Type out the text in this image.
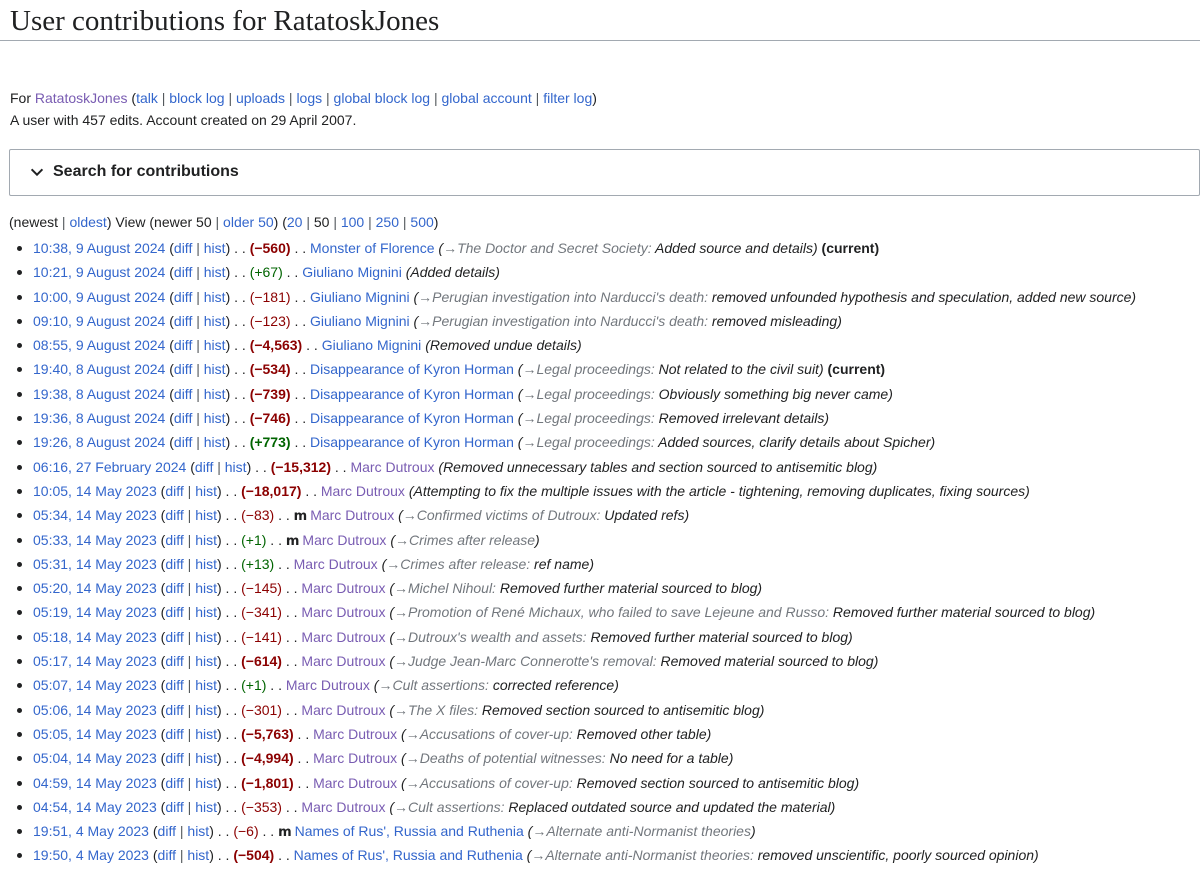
User contributions for RatatoskJones
For RatatoskJones (talk | block log | uploads | logs | global block log | global account | filter log)
A user with 457 edits. Account created on 29 April 2007.
Search for contributions
(newest | oldest) View (newer 50 | older 50) (20 | 50 | 100 | 250 | 500)
10:38, 9 August 2024 (diff | hist) . . (−560) . . Monster of Florence (→The Doctor and Secret Society: Added source and details) (current)
10:21, 9 August 2024 (diff | hist) . . (+67) . . Giuliano Mignini (Added details)
10:00, 9 August 2024 (diff | hist) . . (−181) . . Giuliano Mignini (→Perugian investigation into Narducci's death: removed unfounded hypothesis and speculation, added new source)
09:10, 9 August 2024 (diff | hist) . . (−123) . . Giuliano Mignini (→Perugian investigation into Narducci's death: removed misleading)
08:55, 9 August 2024 (diff | hist) . . (−4,563) . . Giuliano Mignini (Removed undue details)
19:40, 8 August 2024 (diff | hist) . . (−534) . . Disappearance of Kyron Horman (→Legal proceedings: Not related to the civil suit) (current)
19:38, 8 August 2024 (diff | hist) . . (−739) . . Disappearance of Kyron Horman (→Legal proceedings: Obviously something big never came)
19:36, 8 August 2024 (diff | hist) . . (−746) . . Disappearance of Kyron Horman (→Legal proceedings: Removed irrelevant details)
19:26, 8 August 2024 (diff | hist) . . (+773) . . Disappearance of Kyron Horman (→Legal proceedings: Added sources, clarify details about Spicher)
06:16, 27 February 2024 (diff | hist) . . (−15,312) . . Marc Dutroux (Removed unnecessary tables and section sourced to antisemitic blog)
10:05, 14 May 2023 (diff | hist) . . (−18,017) . . Marc Dutroux (Attempting to fix the multiple issues with the article - tightening, removing duplicates, fixing sources)
05:34, 14 May 2023 (diff | hist) . . (−83) . . m Marc Dutroux (→Confirmed victims of Dutroux: Updated refs)
05:33, 14 May 2023 (diff | hist) . . (+1) . . m Marc Dutroux (→Crimes after release)
05:31, 14 May 2023 (diff | hist) . . (+13) . . Marc Dutroux (→Crimes after release: ref name)
05:20, 14 May 2023 (diff | hist) . . (−145) . . Marc Dutroux (→Michel Nihoul: Removed further material sourced to blog)
05:19, 14 May 2023 (diff | hist) . . (−341) . . Marc Dutroux (→Promotion of René Michaux, who failed to save Lejeune and Russo: Removed further material sourced to blog)
05:18, 14 May 2023 (diff | hist) . . (−141) . . Marc Dutroux (→Dutroux's wealth and assets: Removed further material sourced to blog)
05:17, 14 May 2023 (diff | hist) . . (−614) . . Marc Dutroux (→Judge Jean-Marc Connerotte's removal: Removed material sourced to blog)
05:07, 14 May 2023 (diff | hist) . . (+1) . . Marc Dutroux (→Cult assertions: corrected reference)
05:06, 14 May 2023 (diff | hist) . . (−301) . . Marc Dutroux (→The X files: Removed section sourced to antisemitic blog)
05:05, 14 May 2023 (diff | hist) . . (−5,763) . . Marc Dutroux (→Accusations of cover-up: Removed other table)
05:04, 14 May 2023 (diff | hist) . . (−4,994) . . Marc Dutroux (→Deaths of potential witnesses: No need for a table)
04:59, 14 May 2023 (diff | hist) . . (−1,801) . . Marc Dutroux (→Accusations of cover-up: Removed section sourced to antisemitic blog)
04:54, 14 May 2023 (diff | hist) . . (−353) . . Marc Dutroux (→Cult assertions: Replaced outdated source and updated the material)
19:51, 4 May 2023 (diff | hist) . . (−6) . . m Names of Rus', Russia and Ruthenia (→Alternate anti-Normanist theories)
19:50, 4 May 2023 (diff | hist) . . (−504) . . Names of Rus', Russia and Ruthenia (→Alternate anti-Normanist theories: removed unscientific, poorly sourced opinion)
